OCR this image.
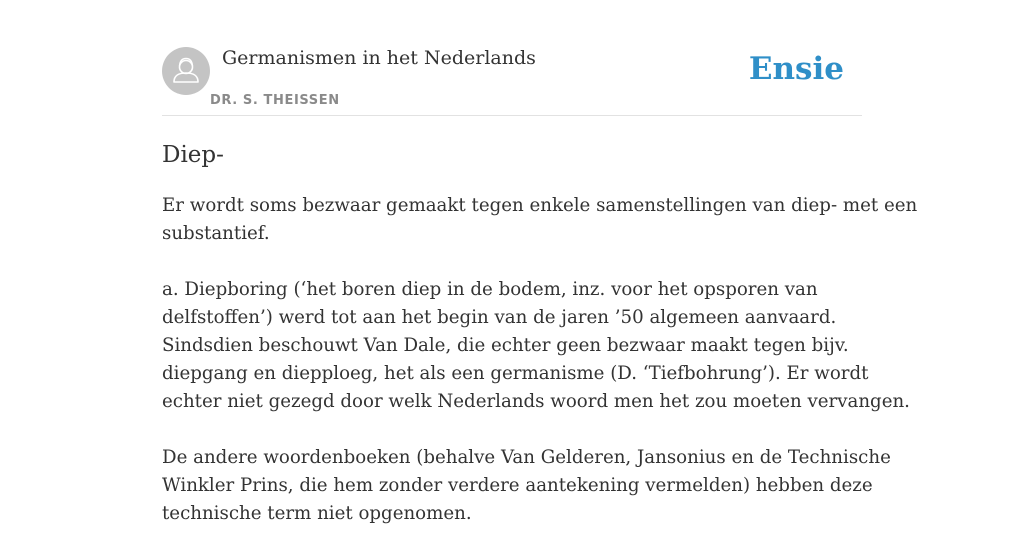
Germanismen in het Nederlands
DR. S. THEISSEN
Ensie
Diep-

Er wordt soms bezwaar gemaakt tegen enkele samenstellingen van diep- met een
substantief.

a. Diepboring (‘het boren diep in de bodem, inz. voor het opsporen van
delfstoffen’) werd tot aan het begin van de jaren ’50 algemeen aanvaard.
Sindsdien beschouwt Van Dale, die echter geen bezwaar maakt tegen bijv.
diepgang en diepploeg, het als een germanisme (D. ‘Tiefbohrung’). Er wordt
echter niet gezegd door welk Nederlands woord men het zou moeten vervangen.

De andere woordenboeken (behalve Van Gelderen, Jansonius en de Technische
Winkler Prins, die hem zonder verdere aantekening vermelden) hebben deze
technische term niet opgenomen.
